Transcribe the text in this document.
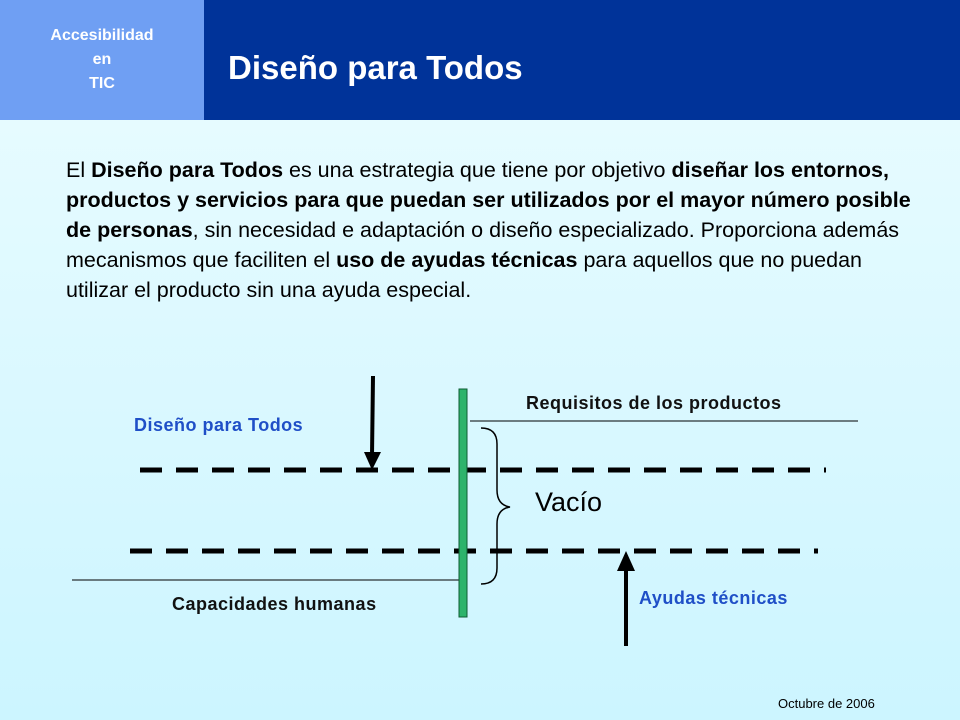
Accesibilidad
en
TIC	Diseño para Todos

El Diseño para Todos es una estrategia que tiene por objetivo diseñar los entornos, productos y servicios para que puedan ser utilizados por el mayor número posible de personas, sin necesidad e adaptación o diseño especializado. Proporciona además mecanismos que faciliten el uso de ayudas técnicas para aquellos que no puedan utilizar el producto sin una ayuda especial.

Requisitos de los productos
Diseño para Todos

Vacío

Capacidades humanas	Ayudas técnicas
Octubre de 2006
